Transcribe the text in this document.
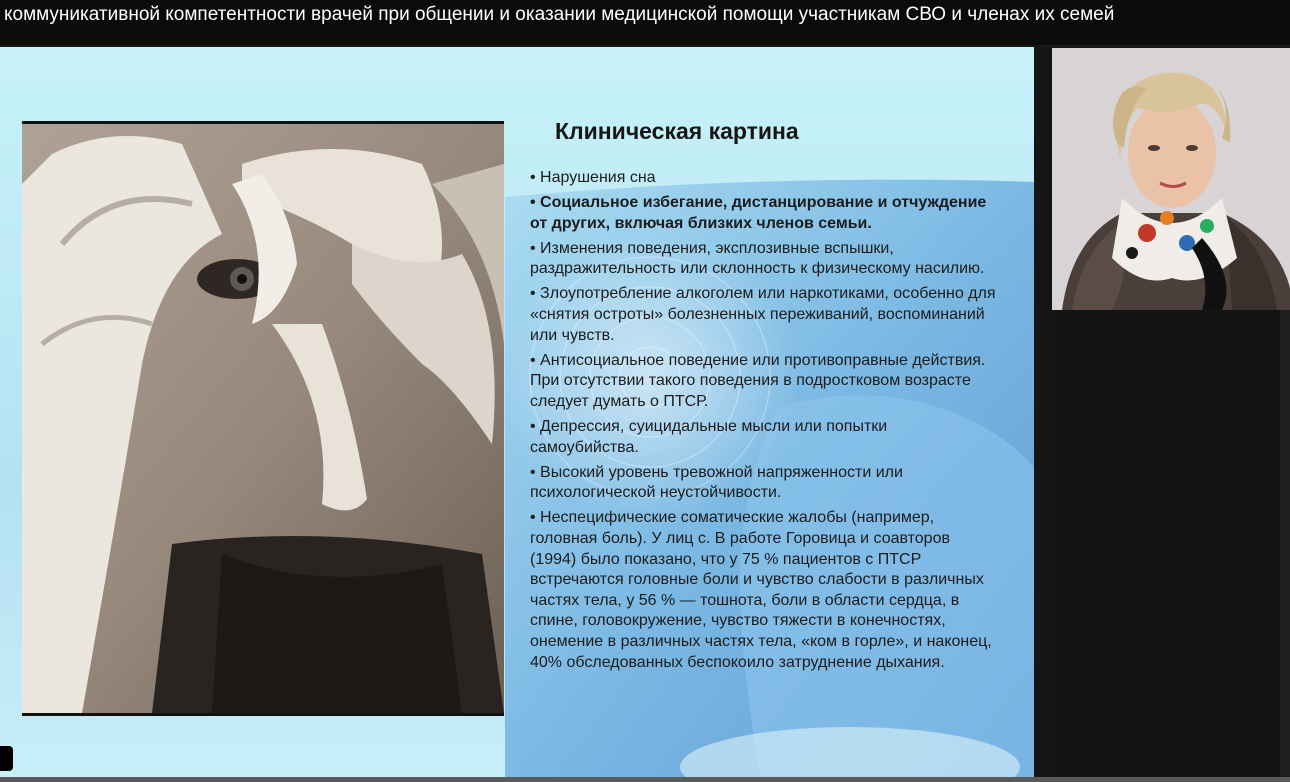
коммуникативной компетентности врачей при общении и оказании медицинской помощи участникам СВО и членах их семей
Клиническая картина
• Нарушения сна
• Социальное избегание, дистанцирование и отчуждение от других, включая близких членов семьи.
• Изменения поведения, эксплозивные вспышки, раздражительность или склонность к физическому насилию.
• Злоупотребление алкоголем или наркотиками, особенно для «снятия остроты» болезненных переживаний, воспоминаний или чувств.
• Антисоциальное поведение или противоправные действия. При отсутствии такого поведения в подростковом возрасте следует думать о ПТСР.
• Депрессия, суицидальные мысли или попытки самоубийства.
• Высокий уровень тревожной напряженности или психологической неустойчивости.
• Неспецифические соматические жалобы (например, головная боль). У лиц с. В работе Горовица и соавторов (1994) было показано, что у 75 % пациентов с ПТСР встречаются головные боли и чувство слабости в различных частях тела, у 56 % — тошнота, боли в области сердца, в спине, головокружение, чувство тяжести в конечностях, онемение в различных частях тела, «ком в горле», и наконец, 40% обследованных беспокоило затруднение дыхания.
